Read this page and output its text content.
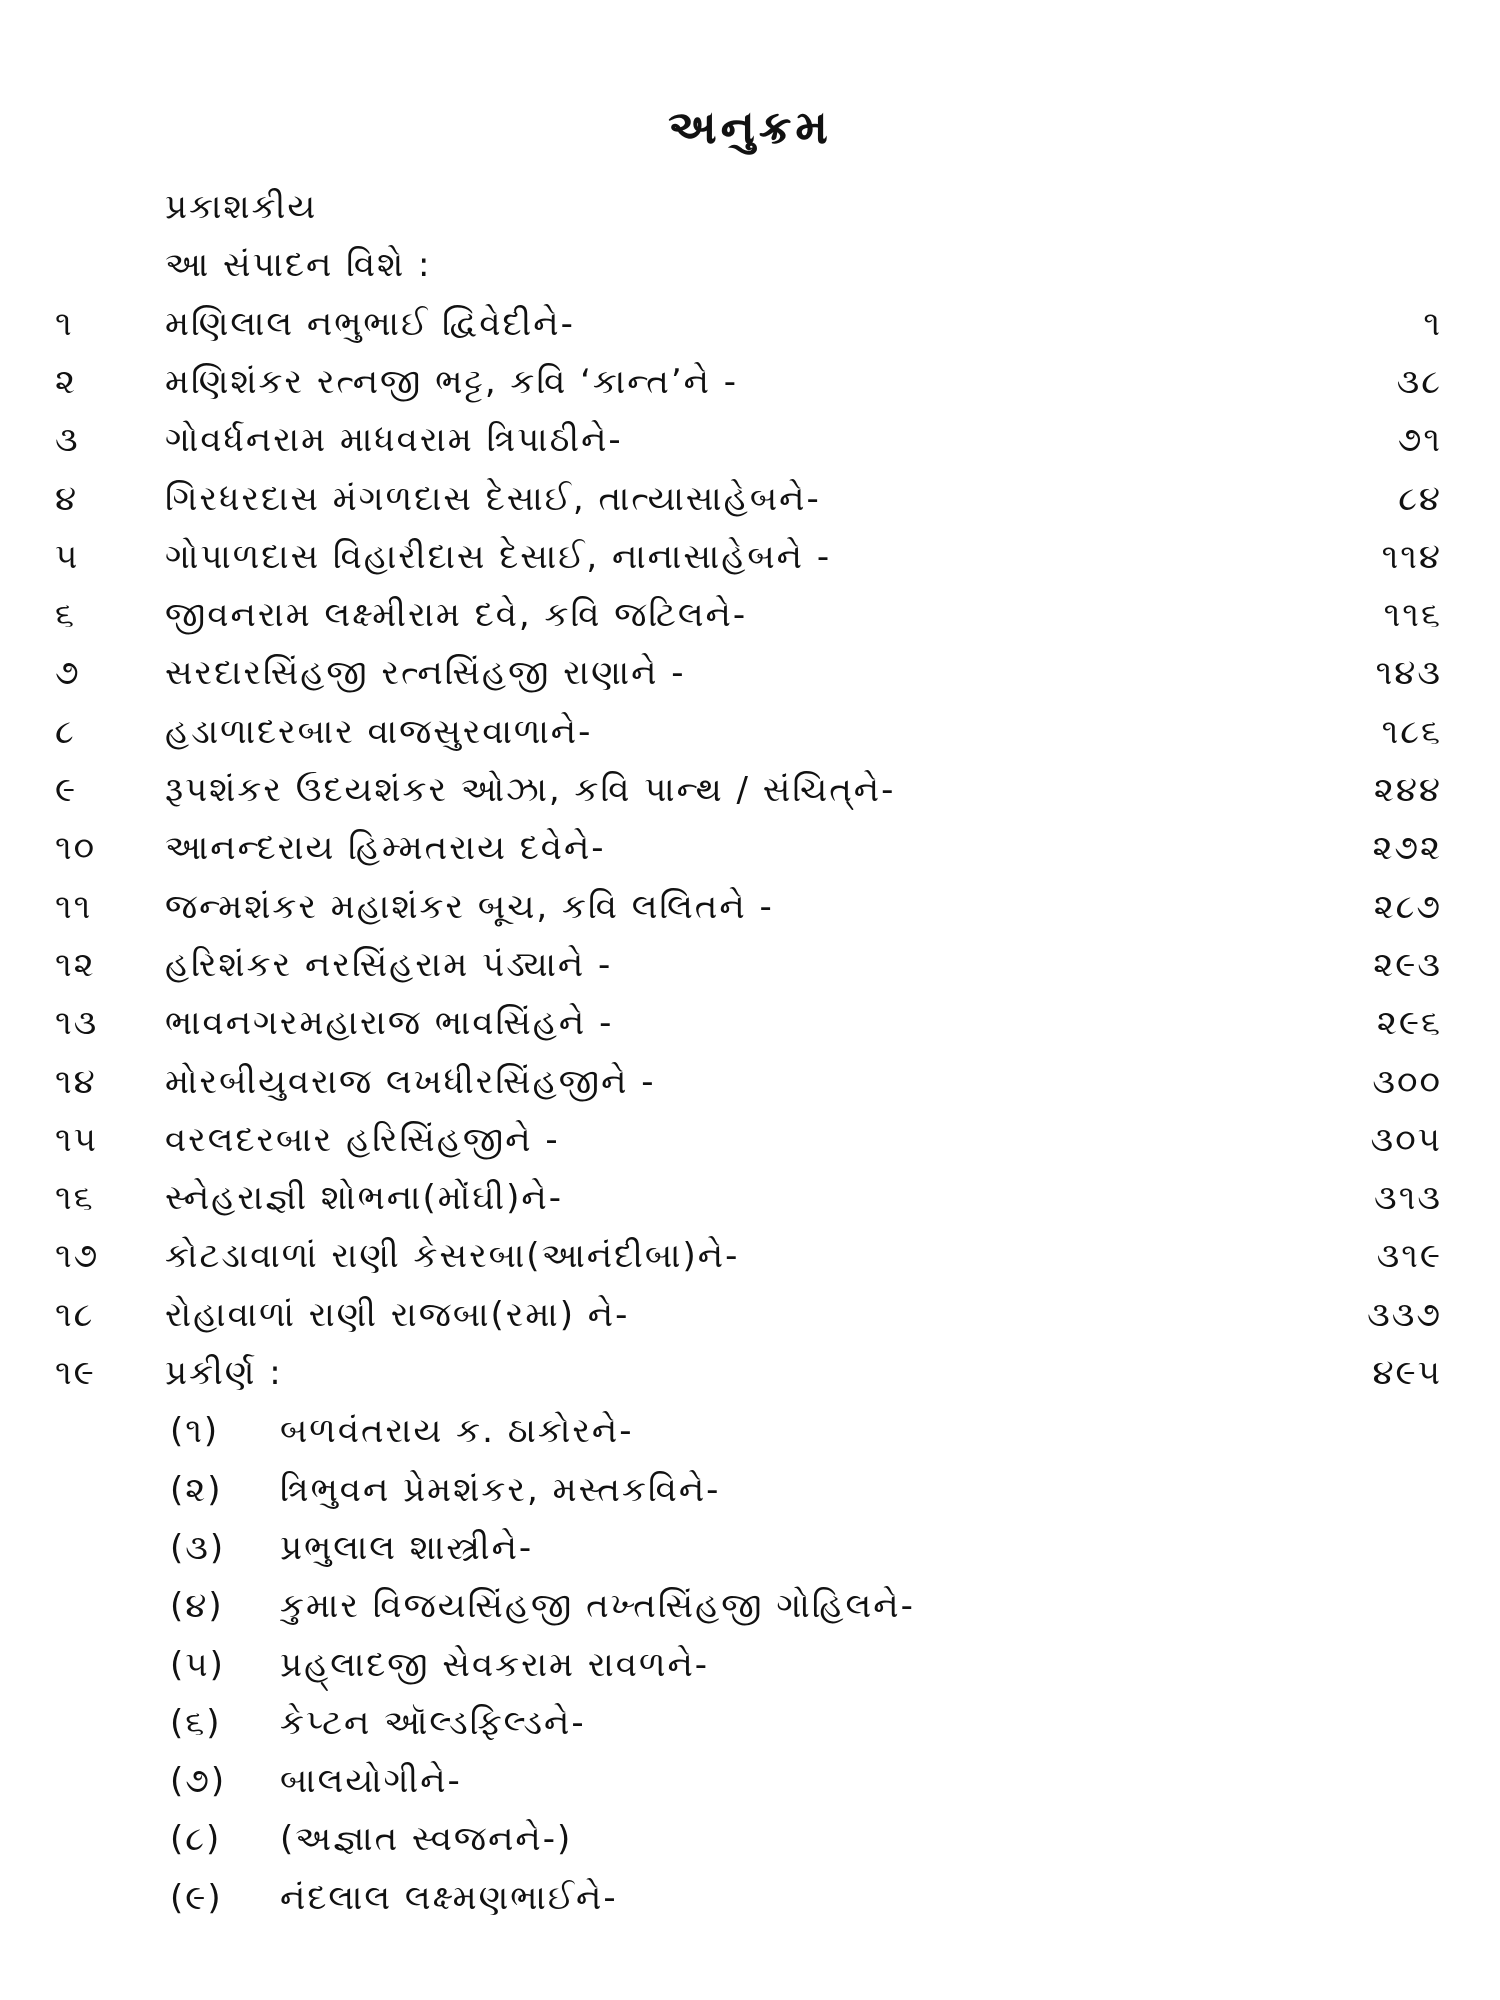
અનુક્રમ
પ્રકાશકીય
આ સંપાદન વિશે :
૧	મણિલાલ નભુભાઈ દ્વિવેદીને-	૧
૨	મણિશંકર રત્નજી ભટ્ટ, કવિ ‘કાન્ત’ને -	૩૮
૩	ગોવર્ધનરામ માધવરામ ત્રિપાઠીને-	૭૧
૪	ગિરધરદાસ મંગળદાસ દેસાઈ, તાત્યાસાહેબને-	૮૪
૫	ગોપાળદાસ વિહારીદાસ દેસાઈ, નાનાસાહેબને -	૧૧૪
૬	જીવનરામ લક્ષ્મીરામ દવે, કવિ જટિલને-	૧૧૬
૭	સરદારસિંહજી રત્નસિંહજી રાણાને -	૧૪૩
૮	હડાળાદરબાર વાજસુરવાળાને-	૧૮૬
૯	રૂપશંકર ઉદયશંકર ઓઝા, કવિ પાન્થ / સંચિત્‌ને-	૨૪૪
૧૦	આનન્દરાય હિમ્મતરાય દવેને-	૨૭૨
૧૧	જન્મશંકર મહાશંકર બૂચ, કવિ લલિતને -	૨૮૭
૧૨	હરિશંકર નરસિંહરામ પંડ્યાને -	૨૯૩
૧૩	ભાવનગરમહારાજ ભાવસિંહને -	૨૯૬
૧૪	મોરબીયુવરાજ લખધીરસિંહજીને -	૩૦૦
૧૫	વરલદરબાર હરિસિંહજીને -	૩૦૫
૧૬	સ્નેહરાજ્ઞી શોભના(મોંઘી)ને-	૩૧૩
૧૭	કોટડાવાળાં રાણી કેસરબા(આનંદીબા)ને-	૩૧૯
૧૮	રોહાવાળાં રાણી રાજબા(રમા) ને-	૩૩૭
૧૯	પ્રકીર્ણ :	૪૯૫
(૧)	બળવંતરાય ક. ઠાકોરને-
(૨)	ત્રિભુવન પ્રેમશંકર, મસ્તકવિને-
(૩)	પ્રભુલાલ શાસ્ત્રીને-
(૪)	કુમાર વિજયસિંહજી તખ્તસિંહજી ગોહિલને-
(૫)	પ્રહ્‌લાદજી સેવકરામ રાવળને-
(૬)	કેપ્ટન ઑલ્ડફિલ્ડને-
(૭)	બાલયોગીને-
(૮)	(અજ્ઞાત સ્વજનને-)
(૯)	નંદલાલ લક્ષ્મણભાઈને-
